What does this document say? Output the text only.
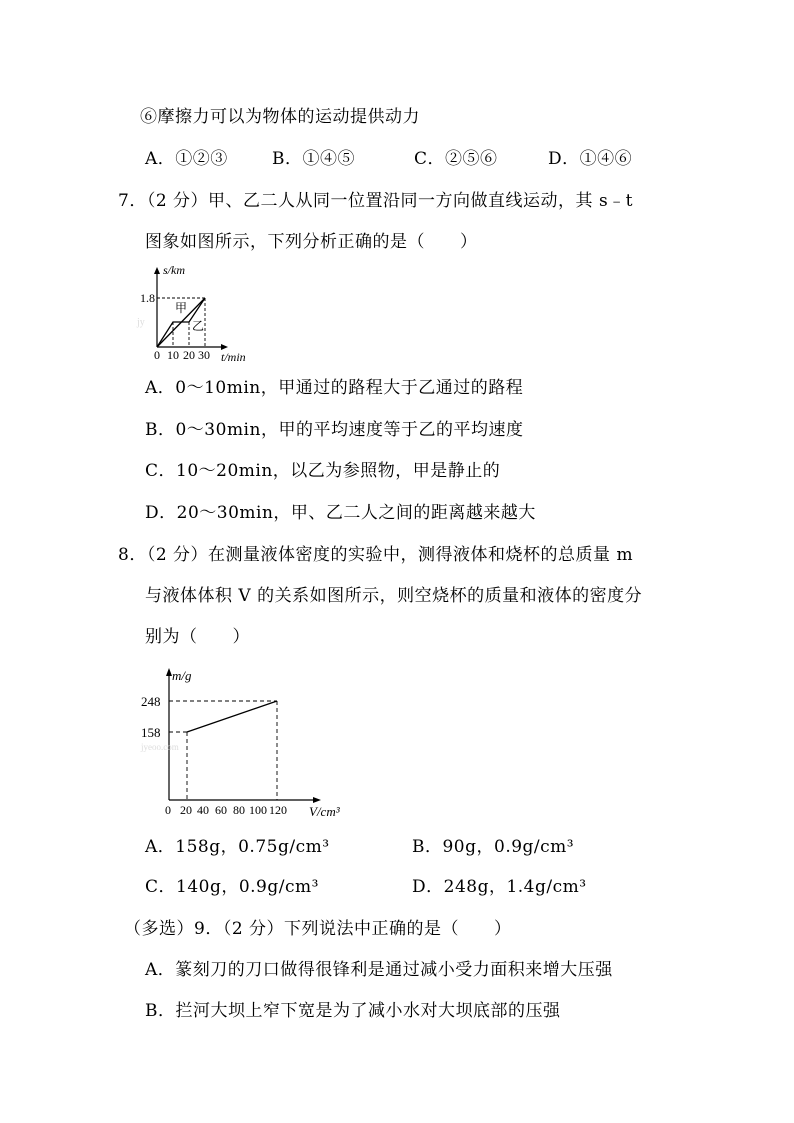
⑥摩擦力可以为物体的运动提供动力
A．①②③	B．①④⑤	C．②⑤⑥	D．①④⑥
7．（2 分）甲、乙二人从同一位置沿同一方向做直线运动，其 s﹣t
图象如图所示，下列分析正确的是（　　）
s/km
1.8
甲
乙
jy
0 10 20 30 t/min
A．0～10min，甲通过的路程大于乙通过的路程
B．0～30min，甲的平均速度等于乙的平均速度
C．10～20min，以乙为参照物，甲是静止的
D．20～30min，甲、乙二人之间的距离越来越大
8．（2 分）在测量液体密度的实验中，测得液体和烧杯的总质量 m
与液体体积 V 的关系如图所示，则空烧杯的质量和液体的密度分
别为（　　）
m/g
248
158
jyeoo.com
0 20 40 60 80 100 120 V/cm³
A．158g，0.75g/cm³	B．90g，0.9g/cm³
C．140g，0.9g/cm³	D．248g，1.4g/cm³
（多选）9．（2 分）下列说法中正确的是（　　）
A．篆刻刀的刀口做得很锋利是通过减小受力面积来增大压强
B．拦河大坝上窄下宽是为了减小水对大坝底部的压强
